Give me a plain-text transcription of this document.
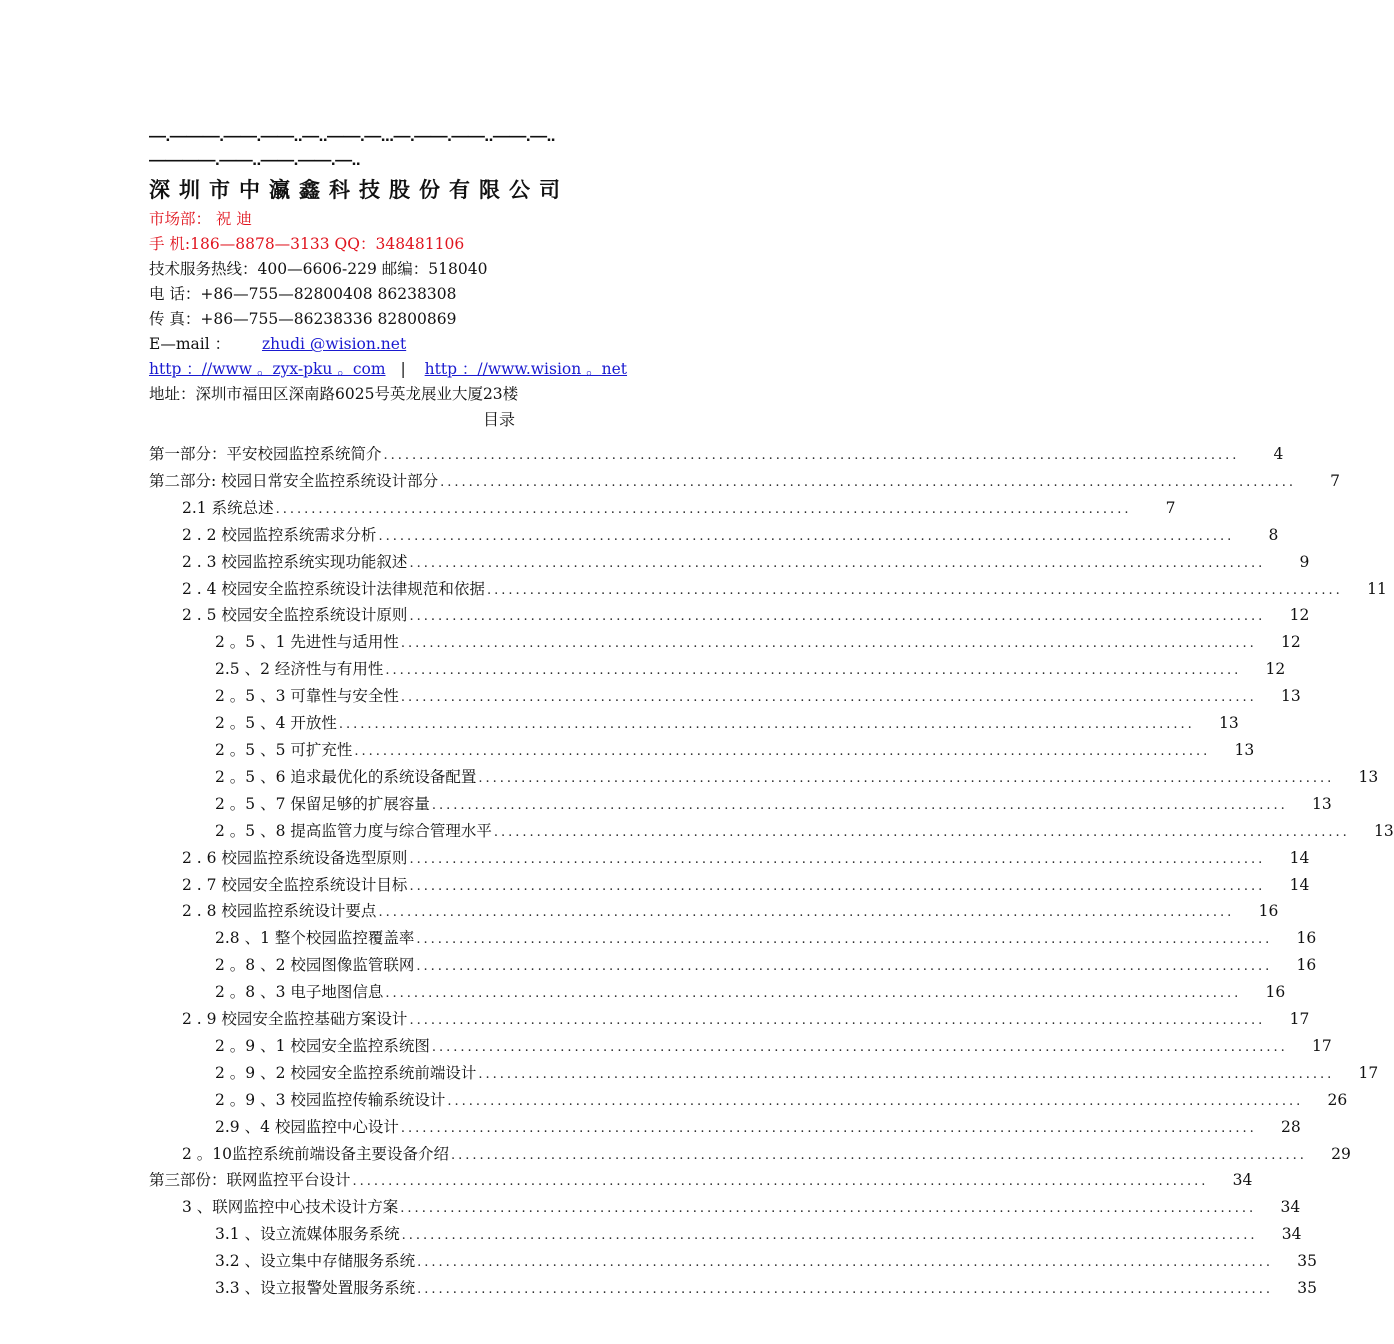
—.———.——.——..—..——.—...—.——.——..——.—..
————.——..——.——.—..
深圳市中瀛鑫科技股份有限公司
市场部： 祝 迪
手 机:186—8878—3133 QQ：348481106
技术服务热线：400—6606-229 邮编：518040
电 话：+86—755—82800408 86238308
传 真：+86—755—86238336 82800869
E—mail ： zhudi @wision.net
http ：//www 。zyx-pku 。com | http ：//www.wision 。net
地址：深圳市福田区深南路6025号英龙展业大厦23楼
目录
第一部分：平安校园监控系统简介 ........................................................................................................................	4
第二部分: 校园日常安全监控系统设计部分 ........................................................................................................................	7
2.1 系统总述 ........................................................................................................................	7
2 . 2 校园监控系统需求分析 ........................................................................................................................	8
2 . 3 校园监控系统实现功能叙述 ........................................................................................................................	9
2 . 4 校园安全监控系统设计法律规范和依据 ........................................................................................................................	11
2 . 5 校园安全监控系统设计原则 ........................................................................................................................	12
2 。5 、1 先进性与适用性 ........................................................................................................................	12
2.5 、2 经济性与有用性 ........................................................................................................................	12
2 。5 、3 可靠性与安全性 ........................................................................................................................	13
2 。5 、4 开放性 ........................................................................................................................	13
2 。5 、5 可扩充性 ........................................................................................................................	13
2 。5 、6 追求最优化的系统设备配置 ........................................................................................................................	13
2 。5 、7 保留足够的扩展容量 ........................................................................................................................	13
2 。5 、8 提高监管力度与综合管理水平 ........................................................................................................................	13
2 . 6 校园监控系统设备选型原则 ........................................................................................................................	14
2 . 7 校园安全监控系统设计目标 ........................................................................................................................	14
2 . 8 校园监控系统设计要点 ........................................................................................................................	16
2.8 、1 整个校园监控覆盖率 ........................................................................................................................	16
2 。8 、2 校园图像监管联网 ........................................................................................................................	16
2 。8 、3 电子地图信息 ........................................................................................................................	16
2 . 9 校园安全监控基础方案设计 ........................................................................................................................	17
2 。9 、1 校园安全监控系统图 ........................................................................................................................	17
2 。9 、2 校园安全监控系统前端设计 ........................................................................................................................	17
2 。9 、3 校园监控传输系统设计 ........................................................................................................................	26
2.9 、4 校园监控中心设计 ........................................................................................................................	28
2 。10监控系统前端设备主要设备介绍 ........................................................................................................................	29
第三部份：联网监控平台设计 ........................................................................................................................	34
3 、联网监控中心技术设计方案 ........................................................................................................................	34
3.1 、设立流媒体服务系统 ........................................................................................................................	34
3.2 、设立集中存储服务系统 ........................................................................................................................	35
3.3 、设立报警处置服务系统 ........................................................................................................................	35
